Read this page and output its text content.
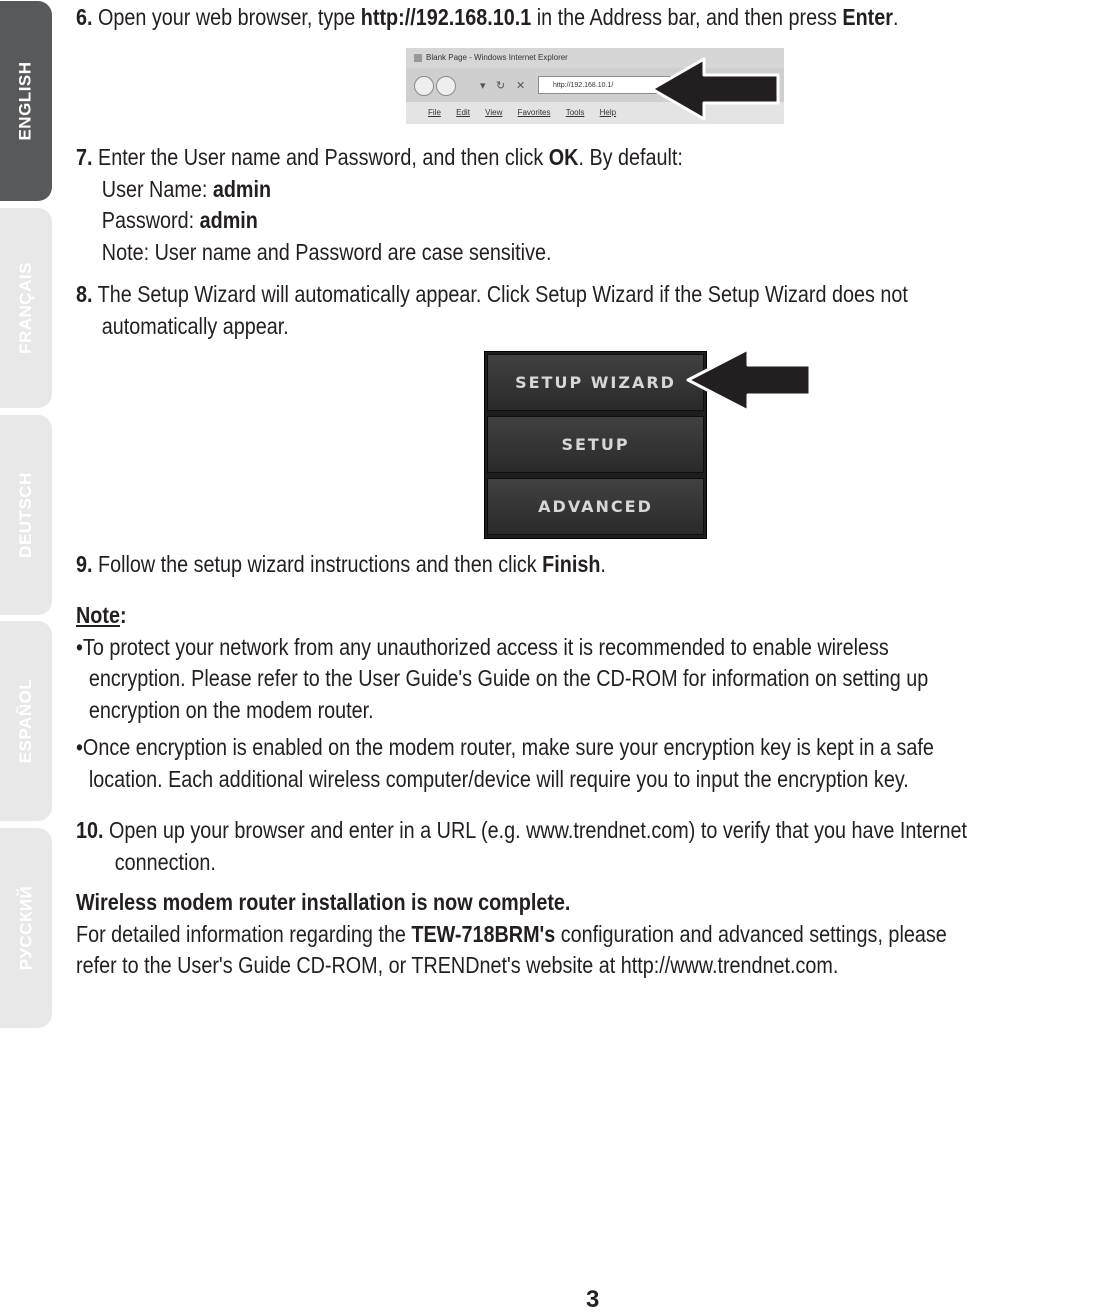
ENGLISH
FRANÇAIS
DEUTSCH
ESPAÑOL
РУССКИЙ

6. Open your web browser, type http://192.168.10.1 in the Address bar, and then press Enter.

Blank Page - Windows Internet Explorer
▾ ↻ ✕	http://192.168.10.1/
File Edit View Favorites Tools Help

7. Enter the User name and Password, and then click OK. By default:
User Name: admin
Password: admin
Note: User name and Password are case sensitive.

8. The Setup Wizard will automatically appear. Click Setup Wizard if the Setup Wizard does not
automatically appear.

SETUP WIZARD
SETUP
ADVANCED

9. Follow the setup wizard instructions and then click Finish.

Note:
•To protect your network from any unauthorized access it is recommended to enable wireless
encryption. Please refer to the User Guide's Guide on the CD-ROM for information on setting up
encryption on the modem router.
•Once encryption is enabled on the modem router, make sure your encryption key is kept in a safe
location. Each additional wireless computer/device will require you to input the encryption key.

10. Open up your browser and enter in a URL (e.g. www.trendnet.com) to verify that you have Internet
connection.

Wireless modem router installation is now complete.
For detailed information regarding the TEW-718BRM's configuration and advanced settings, please
refer to the User's Guide CD-ROM, or TRENDnet's website at http://www.trendnet.com.

3
